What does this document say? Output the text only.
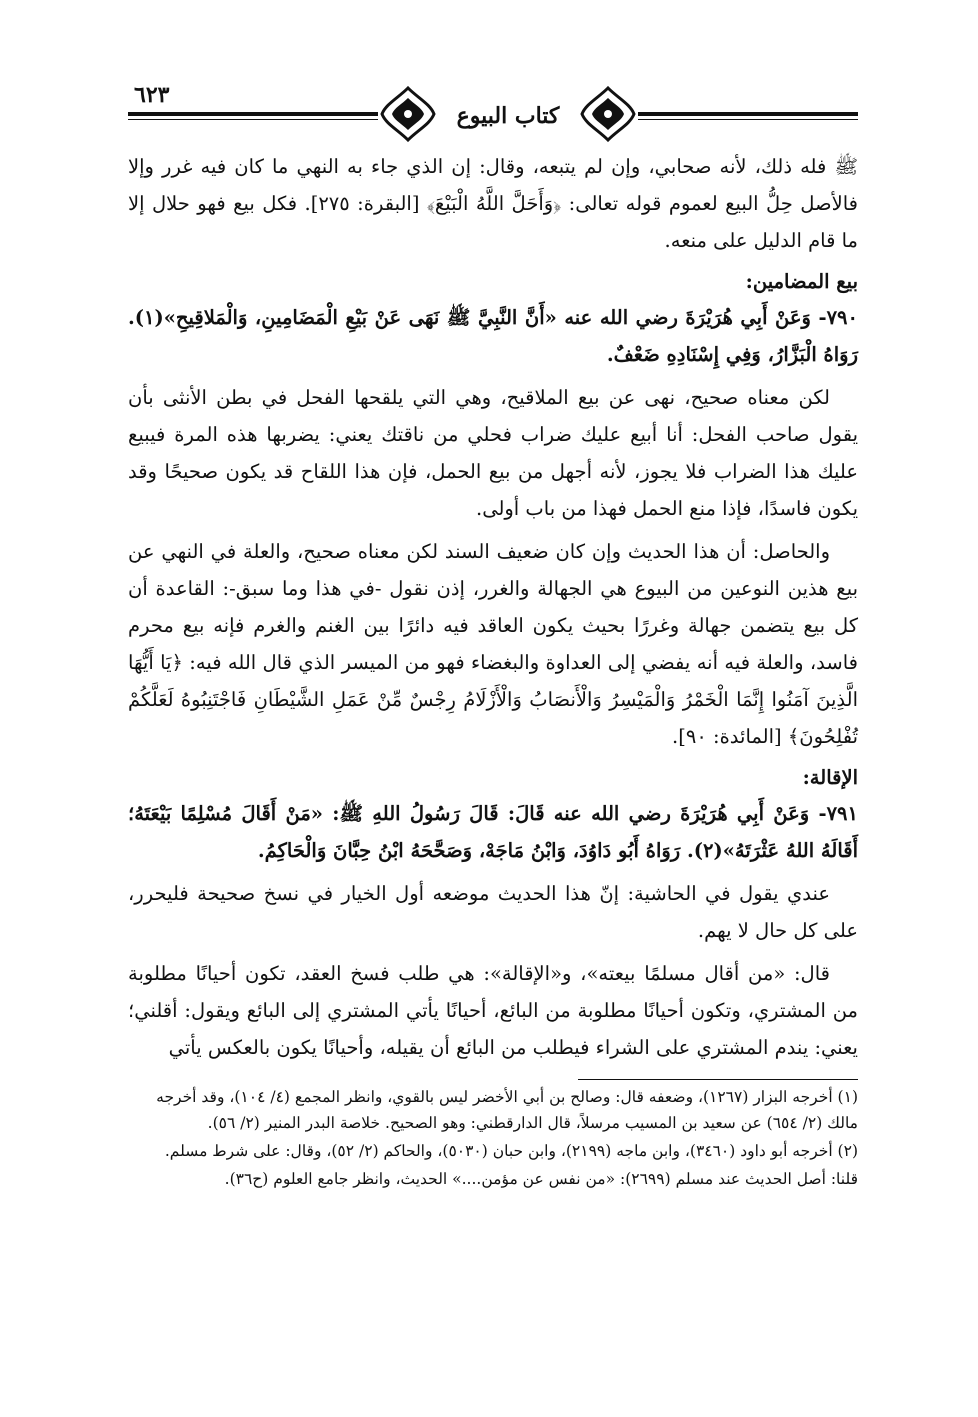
كتاب البيوع
٦٢٣

ﷺ فله ذلك، لأنه صحابي، وإن لم يتبعه، وقال: إن الذي جاء به النهي ما كان فيه غرر وإلا فالأصل حِلُّ البيع لعموم قوله تعالى: ﴿وَأَحَلَّ اللَّهُ الْبَيْعَ﴾ [البقرة: ٢٧٥]. فكل بيع فهو حلال إلا ما قام الدليل على منعه.

بيع المضامين:

٧٩٠- وَعَنْ أَبِي هُرَيْرَةَ رضي الله عنه «أَنَّ النَّبِيَّ ﷺ نَهَى عَنْ بَيْعِ الْمَضَامِينِ، وَالْمَلاقِيحِ»(١). رَوَاهُ الْبَزَّارُ، وَفِي إِسْنَادِهِ ضَعْفٌ.

لكن معناه صحيح، نهى عن بيع الملاقيح، وهي التي يلقحها الفحل في بطن الأنثى بأن يقول صاحب الفحل: أنا أبيع عليك ضراب فحلي من ناقتك يعني: يضربها هذه المرة فيبيع عليك هذا الضراب فلا يجوز، لأنه أجهل من بيع الحمل، فإن هذا اللقاح قد يكون صحيحًا وقد يكون فاسدًا، فإذا منع الحمل فهذا من باب أولى.

والحاصل: أن هذا الحديث وإن كان ضعيف السند لكن معناه صحيح، والعلة في النهي عن بيع هذين النوعين من البيوع هي الجهالة والغرر، إذن نقول -في هذا وما سبق-: القاعدة أن كل بيع يتضمن جهالة وغررًا بحيث يكون العاقد فيه دائرًا بين الغنم والغرم فإنه بيع محرم فاسد، والعلة فيه أنه يفضي إلى العداوة والبغضاء فهو من الميسر الذي قال الله فيه: ﴿يَا أَيُّهَا الَّذِينَ آمَنُوا إِنَّمَا الْخَمْرُ وَالْمَيْسِرُ وَالْأَنصَابُ وَالْأَزْلَامُ رِجْسٌ مِّنْ عَمَلِ الشَّيْطَانِ فَاجْتَنِبُوهُ لَعَلَّكُمْ تُفْلِحُونَ﴾ [المائدة: ٩٠].

الإقالة:

٧٩١- وَعَنْ أَبِي هُرَيْرَةَ رضي الله عنه قَالَ: قَالَ رَسُولُ اللهِ ﷺ: «مَنْ أَقَالَ مُسْلِمًا بَيْعَتَهُ؛ أَقَالَهُ اللهُ عَثْرَتَهُ»(٢). رَوَاهُ أَبُو دَاوُدَ، وَابْنُ مَاجَهْ، وَصَحَّحَهُ ابْنُ حِبَّانَ وَالْحَاكِمُ.

عندي يقول في الحاشية: إنّ هذا الحديث موضعه أول الخيار في نسخ صحيحة فليحرر، على كل حال لا يهم.

قال: «من أقال مسلمًا بيعته»، و«الإقالة»: هي طلب فسخ العقد، تكون أحيانًا مطلوبة من المشتري، وتكون أحيانًا مطلوبة من البائع، أحيانًا يأتي المشتري إلى البائع ويقول: أقلني؛ يعني: يندم المشتري على الشراء فيطلب من البائع أن يقيله، وأحيانًا يكون بالعكس يأتي

(١) أخرجه البزار (١٢٦٧)، وضعفه قال: وصالح بن أبي الأخضر ليس بالقوي، وانظر المجمع (٤/ ١٠٤)، وقد أخرجه مالك (٢/ ٦٥٤) عن سعيد بن المسيب مرسلاً، قال الدارقطني: وهو الصحيح. خلاصة البدر المنير (٢/ ٥٦).

(٢) أخرجه أبو داود (٣٤٦٠)، وابن ماجه (٢١٩٩)، وابن حبان (٥٠٣٠)، والحاكم (٢/ ٥٢)، وقال: على شرط مسلم.

قلنا: أصل الحديث عند مسلم (٢٦٩٩): «من نفس عن مؤمن....» الحديث، وانظر جامع العلوم (ح٣٦).
